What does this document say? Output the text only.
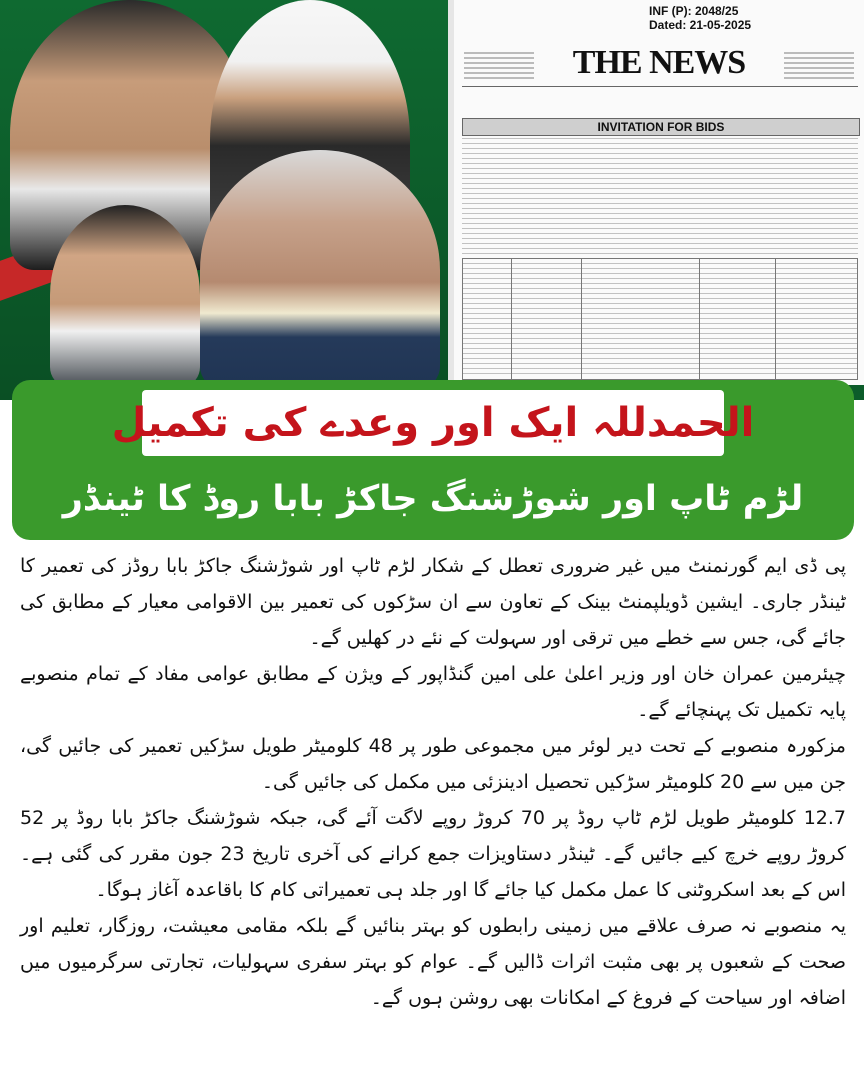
INF (P): 2048/25
Dated: 21-05-2025
THE NEWS
INVITATION FOR BIDS
الحمدللہ ایک اور وعدے کی تکمیل
لڑم ٹاپ اور شوڑشنگ جاکڑ بابا روڈ کا ٹینڈر

پی ڈی ایم گورنمنٹ میں غیر ضروری تعطل کے شکار لڑم ٹاپ اور شوڑشنگ جاکڑ بابا روڈز کی تعمیر کا ٹینڈر جاری۔ ایشین ڈویلپمنٹ بینک کے تعاون سے ان سڑکوں کی تعمیر بین الاقوامی معیار کے مطابق کی جائے گی، جس سے خطے میں ترقی اور سہولت کے نئے در کھلیں گے۔

چیئرمین عمران خان اور وزیر اعلیٰ علی امین گنڈاپور کے ویژن کے مطابق عوامی مفاد کے تمام منصوبے پایہ تکمیل تک پہنچائے گے۔

مزکورہ منصوبے کے تحت دیر لوئر میں مجموعی طور پر 48 کلومیٹر طویل سڑکیں تعمیر کی جائیں گی، جن میں سے 20 کلومیٹر سڑکیں تحصیل ادینزئی میں مکمل کی جائیں گی۔

12.7 کلومیٹر طویل لڑم ٹاپ روڈ پر 70 کروڑ روپے لاگت آئے گی، جبکہ شوڑشنگ جاکڑ بابا روڈ پر 52 کروڑ روپے خرچ کیے جائیں گے۔ ٹینڈر دستاویزات جمع کرانے کی آخری تاریخ 23 جون مقرر کی گئی ہے۔ اس کے بعد اسکروٹنی کا عمل مکمل کیا جائے گا اور جلد ہی تعمیراتی کام کا باقاعدہ آغاز ہوگا۔

یہ منصوبے نہ صرف علاقے میں زمینی رابطوں کو بہتر بنائیں گے بلکہ مقامی معیشت، روزگار، تعلیم اور صحت کے شعبوں پر بھی مثبت اثرات ڈالیں گے۔ عوام کو بہتر سفری سہولیات، تجارتی سرگرمیوں میں اضافہ اور سیاحت کے فروغ کے امکانات بھی روشن ہوں گے۔
